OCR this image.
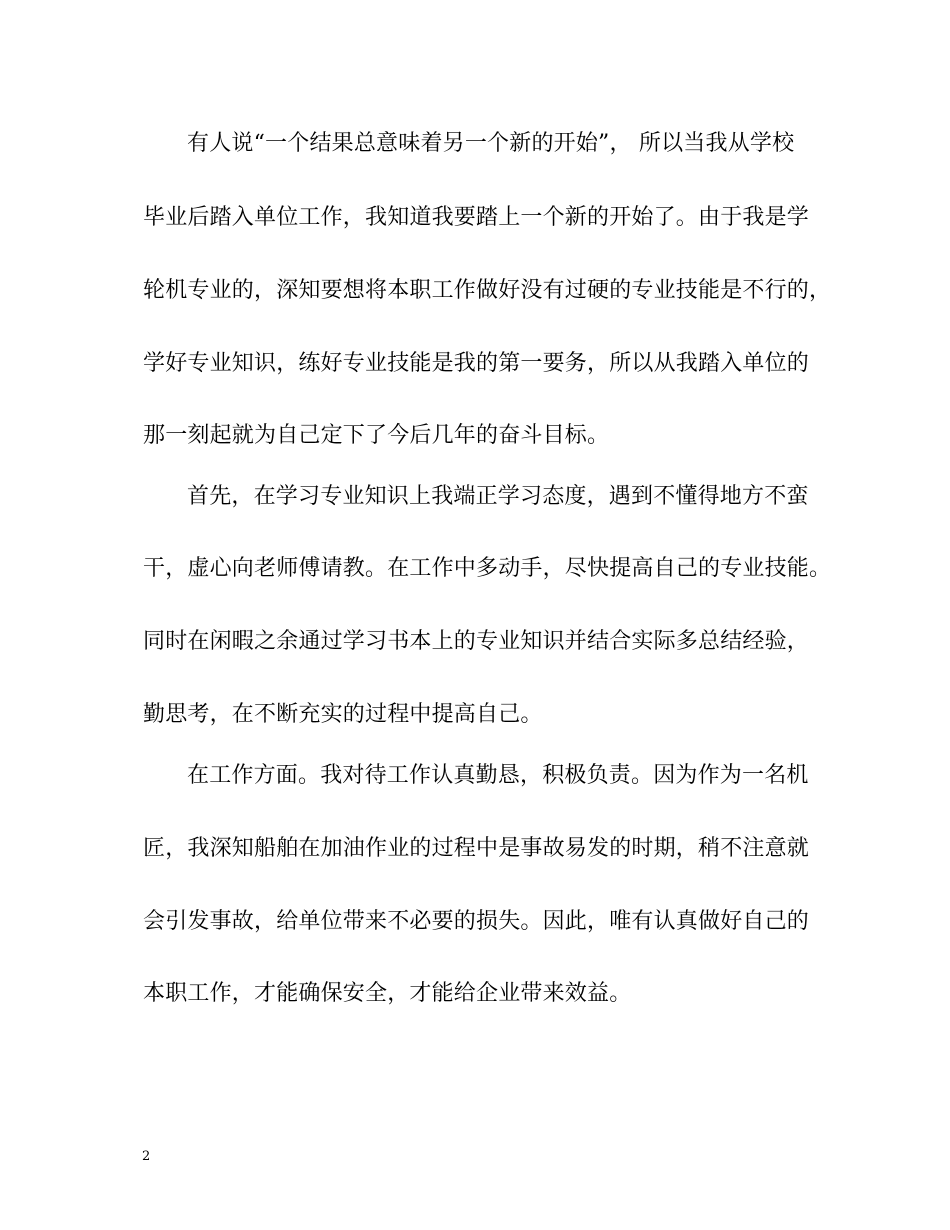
有人说“一个结果总意味着另一个新的开始”， 所以当我从学校
毕业后踏入单位工作，我知道我要踏上一个新的开始了。由于我是学
轮机专业的，深知要想将本职工作做好没有过硬的专业技能是不行的，
学好专业知识，练好专业技能是我的第一要务，所以从我踏入单位的
那一刻起就为自己定下了今后几年的奋斗目标。
首先，在学习专业知识上我端正学习态度，遇到不懂得地方不蛮
干，虚心向老师傅请教。在工作中多动手，尽快提高自己的专业技能。
同时在闲暇之余通过学习书本上的专业知识并结合实际多总结经验，
勤思考，在不断充实的过程中提高自己。
在工作方面。我对待工作认真勤恳，积极负责。因为作为一名机
匠，我深知船舶在加油作业的过程中是事故易发的时期，稍不注意就
会引发事故，给单位带来不必要的损失。因此，唯有认真做好自己的
本职工作，才能确保安全，才能给企业带来效益。
2
